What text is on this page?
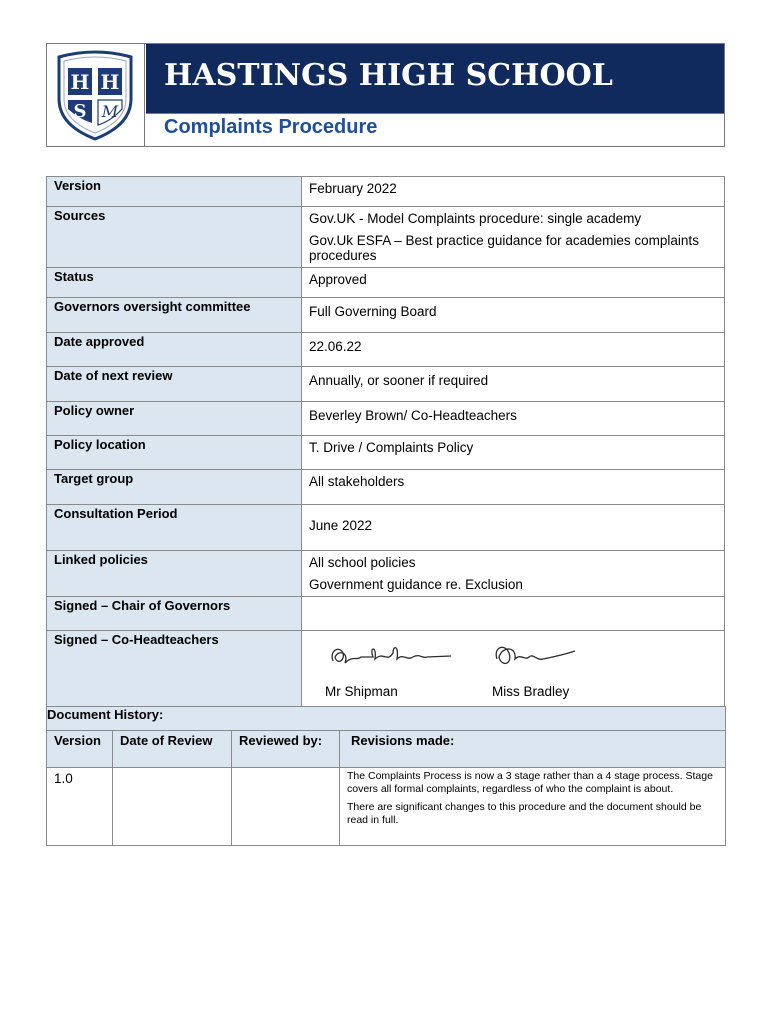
H H
S M
HASTINGS HIGH SCHOOL
Complaints Procedure
Version	February 2022

Sources	Gov.UK - Model Complaints procedure: single academy
Gov.Uk ESFA – Best practice guidance for academies complaints procedures

Status	Approved

Governors oversight committee	Full Governing Board

Date approved	22.06.22

Date of next review	Annually, or sooner if required

Policy owner	Beverley Brown/ Co-Headteachers

Policy location	T. Drive / Complaints Policy

Target group	All stakeholders

Consultation Period	June 2022

Linked policies	All school policies
Government guidance re. Exclusion

Signed – Chair of Governors	
Signed – Co-Headteachers	Mr Shipman Miss Bradley
Document History:			

Version	Date of Review	Reviewed by:	Revisions made:

1.0			The Complaints Process is now a 3 stage rather than a 4 stage process. Stage covers all formal complaints, regardless of who the complaint is about.

There are significant changes to this procedure and the document should be read in full.
